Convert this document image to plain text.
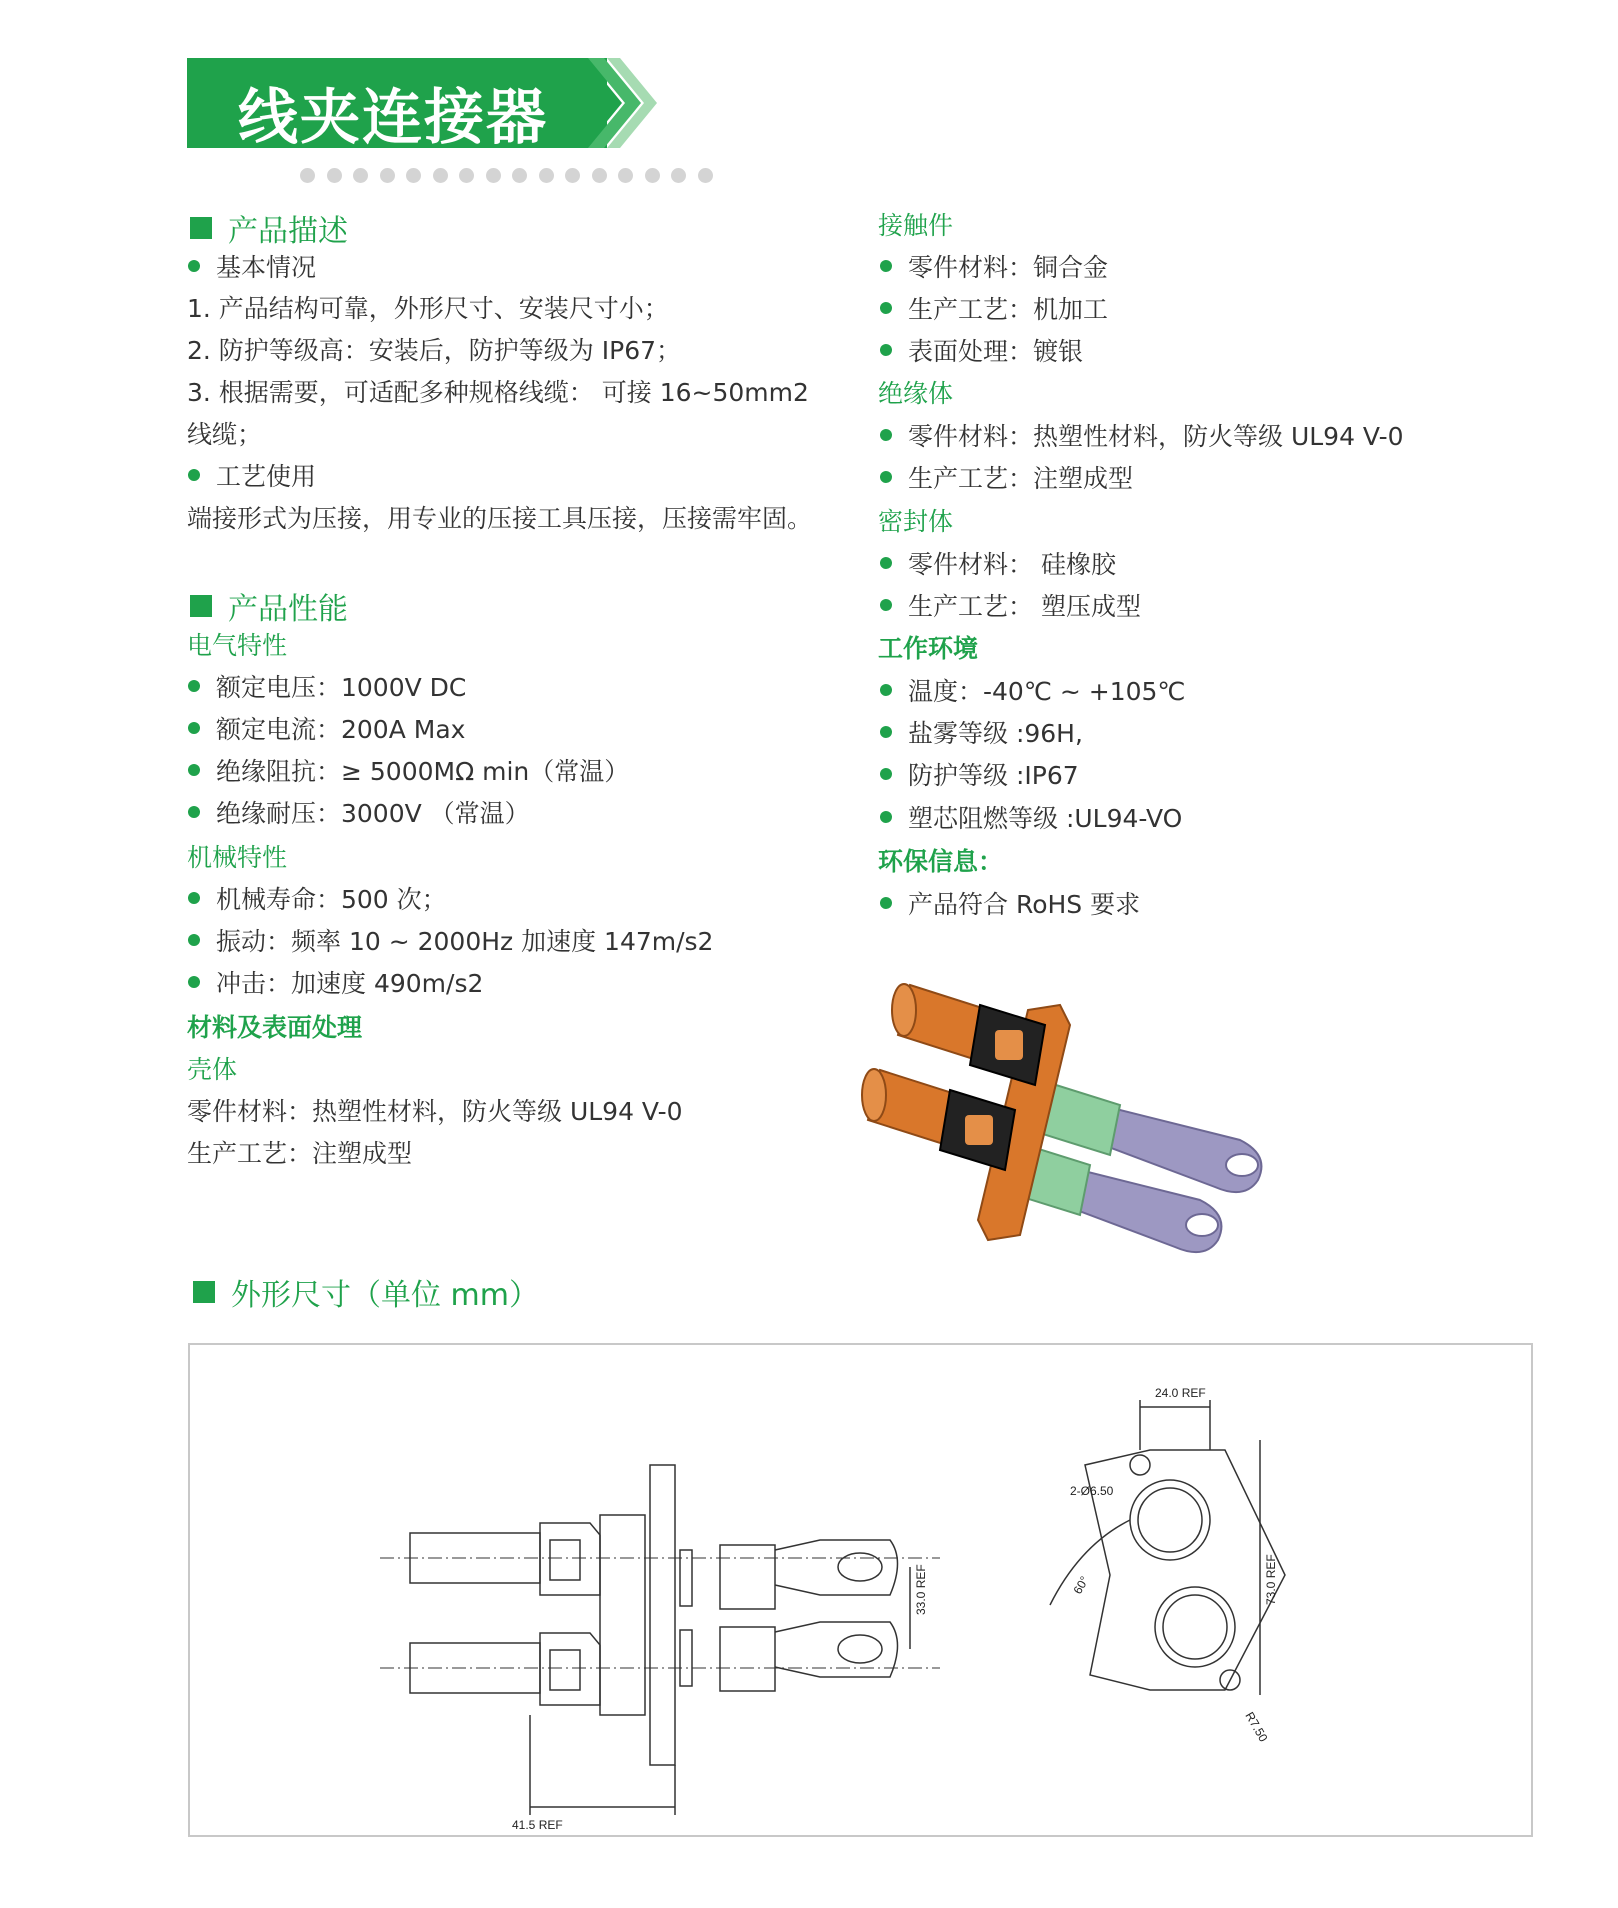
线夹连接器
产品描述
基本情况
1. 产品结构可靠，外形尺寸、安装尺寸小；
2. 防护等级高：安装后，防护等级为 IP67；
3. 根据需要，可适配多种规格线缆： 可接 16~50mm2
线缆；
工艺使用
端接形式为压接，用专业的压接工具压接，压接需牢固。
产品性能
电气特性
额定电压：1000V DC
额定电流：200A Max
绝缘阻抗：≥ 5000MΩ min（常温）
绝缘耐压：3000V （常温）
机械特性
机械寿命：500 次；
振动：频率 10 ~ 2000Hz 加速度 147m/s2
冲击：加速度 490m/s2
材料及表面处理
壳体
零件材料：热塑性材料，防火等级 UL94 V-0
生产工艺：注塑成型
接触件
零件材料：铜合金
生产工艺：机加工
表面处理：镀银
绝缘体
零件材料：热塑性材料，防火等级 UL94 V-0
生产工艺：注塑成型
密封体
零件材料： 硅橡胶
生产工艺： 塑压成型
工作环境
温度：-40℃ ~ +105℃
盐雾等级 :96H,
防护等级 :IP67
塑芯阻燃等级 :UL94-VO
环保信息：
产品符合 RoHS 要求
外形尺寸（单位 mm）
41.5 REF
33.0 REF
24.0 REF
2-Ø6.50
60°	73.0 REF
R7.50
